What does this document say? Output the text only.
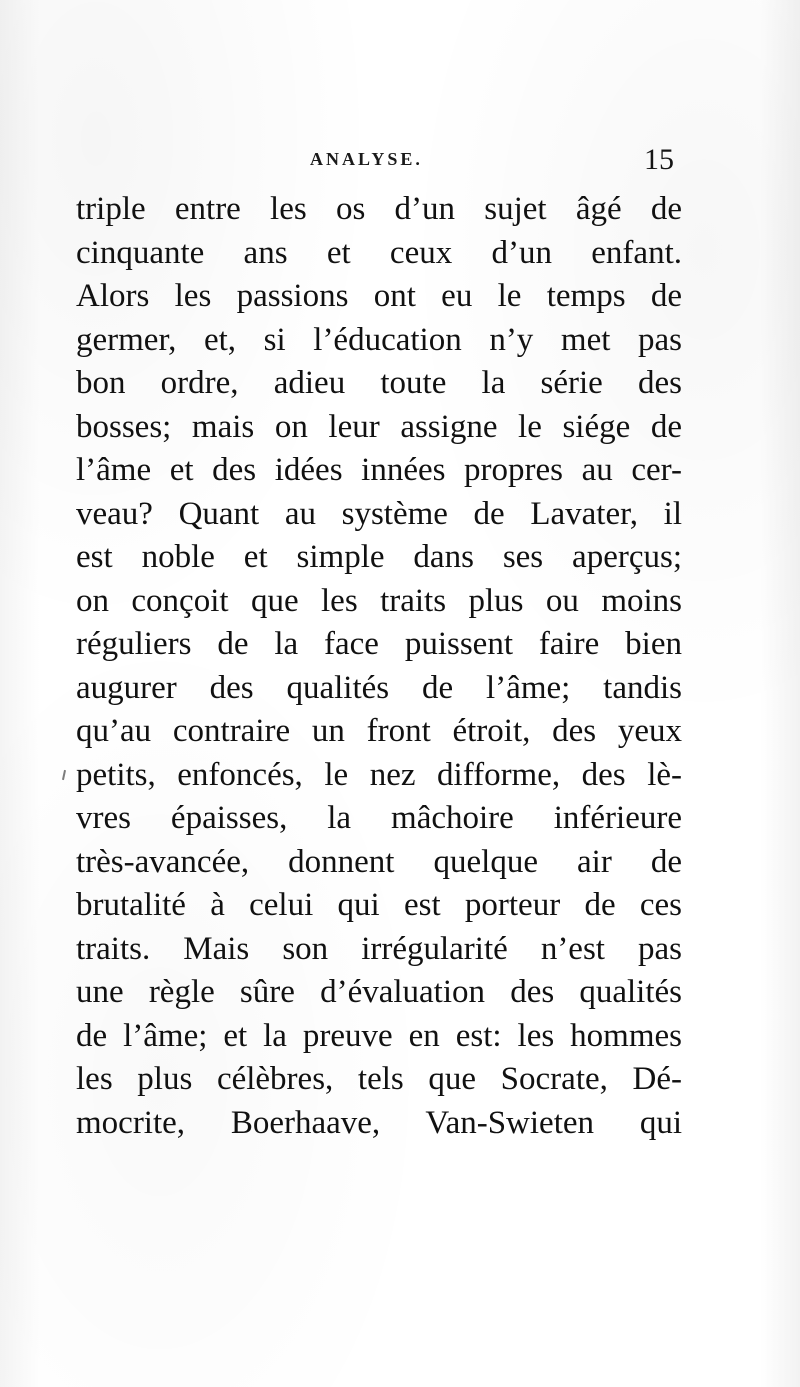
ANALYSE.	15
triple entre les os d’un sujet âgé de
cinquante ans et ceux d’un enfant.
Alors les passions ont eu le temps de
germer, et, si l’éducation n’y met pas
bon ordre, adieu toute la série des
bosses; mais on leur assigne le siége de
l’âme et des idées innées propres au cer-
veau? Quant au système de Lavater, il
est noble et simple dans ses aperçus;
on conçoit que les traits plus ou moins
réguliers de la face puissent faire bien
augurer des qualités de l’âme; tandis
qu’au contraire un front étroit, des yeux
petits, enfoncés, le nez difforme, des lè-
vres épaisses, la mâchoire inférieure
très-avancée, donnent quelque air de
brutalité à celui qui est porteur de ces
traits. Mais son irrégularité n’est pas
une règle sûre d’évaluation des qualités
de l’âme; et la preuve en est: les hommes
les plus célèbres, tels que Socrate, Dé-
mocrite, Boerhaave, Van-Swieten qui
